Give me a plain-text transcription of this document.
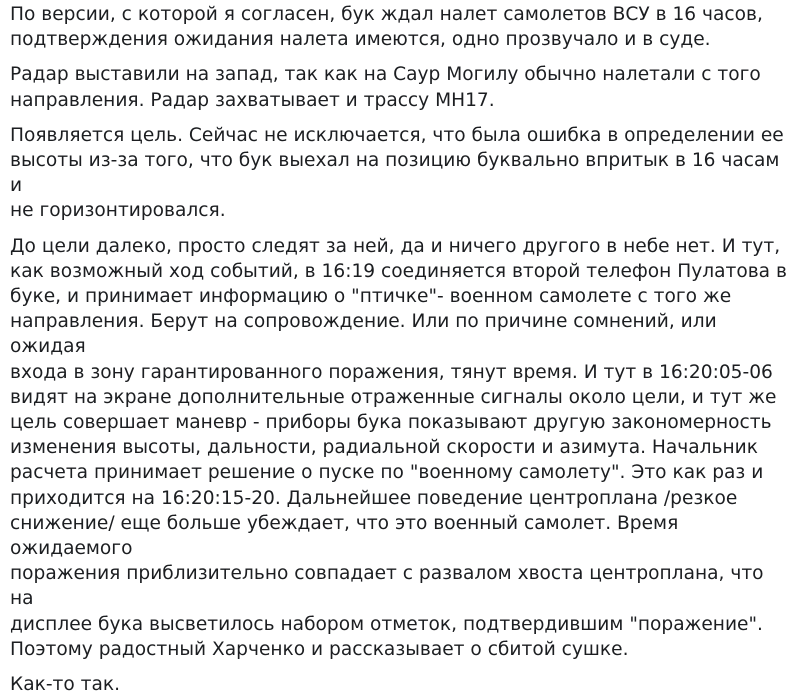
По версии, с которой я согласен, бук ждал налет самолетов ВСУ в 16 часов,
подтверждения ожидания налета имеются, одно прозвучало и в суде.

Радар выставили на запад, так как на Саур Могилу обычно налетали с того
направления. Радар захватывает и трассу МН17.

Появляется цель. Сейчас не исключается, что была ошибка в определении ее
высоты из-за того, что бук выехал на позицию буквально впритык в 16 часам и
не горизонтировался.

До цели далеко, просто следят за ней, да и ничего другого в небе нет. И тут,
как возможный ход событий, в 16:19 соединяется второй телефон Пулатова в
буке, и принимает информацию о "птичке"- военном самолете с того же
направления. Берут на сопровождение. Или по причине сомнений, или ожидая
входа в зону гарантированного поражения, тянут время. И тут в 16:20:05-06
видят на экране дополнительные отраженные сигналы около цели, и тут же
цель совершает маневр - приборы бука показывают другую закономерность
изменения высоты, дальности, радиальной скорости и азимута. Начальник
расчета принимает решение о пуске по "военному самолету". Это как раз и
приходится на 16:20:15-20. Дальнейшее поведение центроплана /резкое
снижение/ еще больше убеждает, что это военный самолет. Время ожидаемого
поражения приблизительно совпадает с развалом хвоста центроплана, что на
дисплее бука высветилось набором отметок, подтвердившим "поражение".
Поэтому радостный Харченко и рассказывает о сбитой сушке.

Как-то так.
